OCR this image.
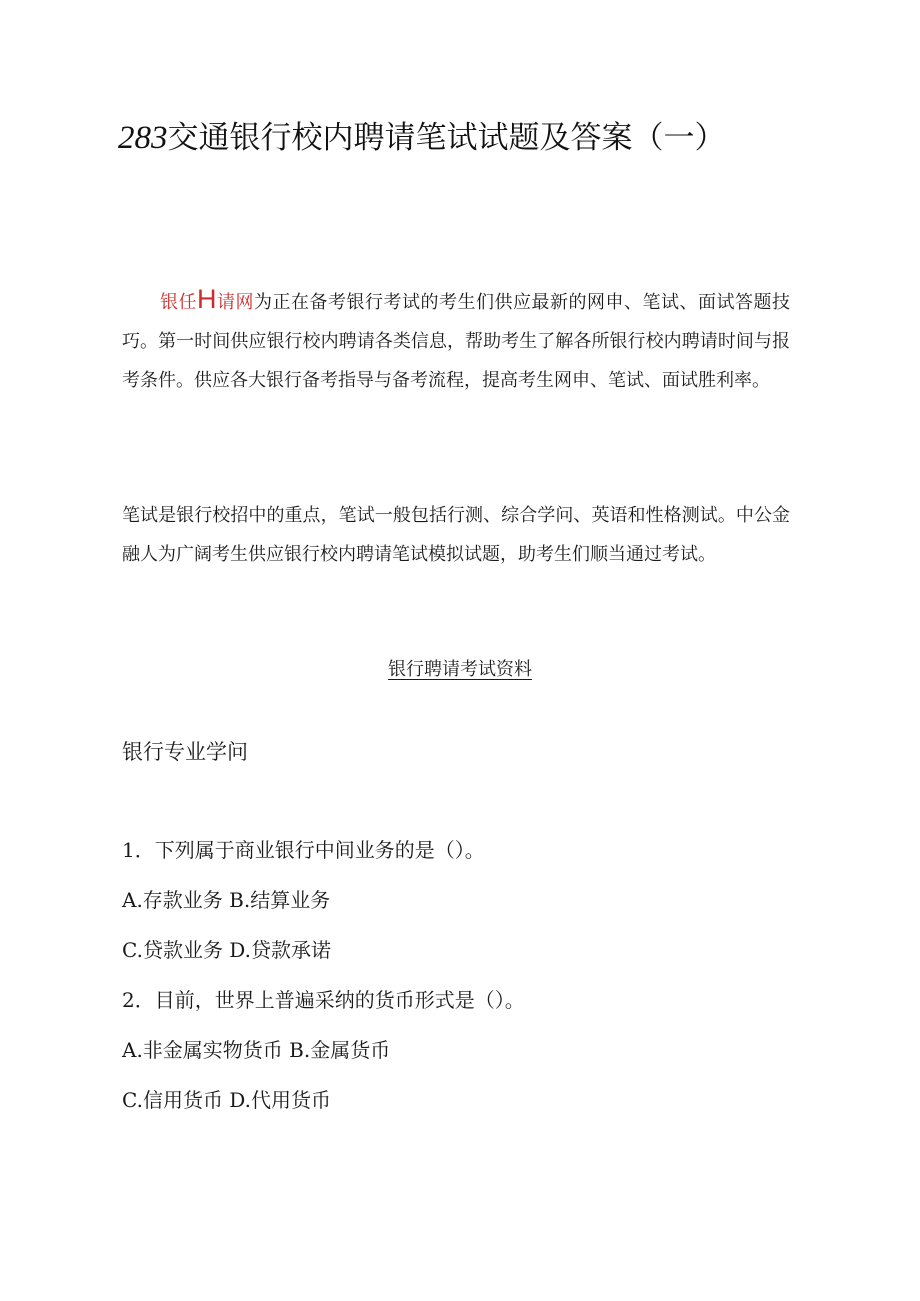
283交通银行校内聘请笔试试题及答案（一）

银任H请网为正在备考银行考试的考生们供应最新的网申、笔试、面试答题技巧。第一时间供应银行校内聘请各类信息，帮助考生了解各所银行校内聘请时间与报考条件。供应各大银行备考指导与备考流程，提高考生网申、笔试、面试胜利率。

笔试是银行校招中的重点，笔试一般包括行测、综合学问、英语和性格测试。中公金融人为广阔考生供应银行校内聘请笔试模拟试题，助考生们顺当通过考试。

银行聘请考试资料
银行专业学问
1．下列属于商业银行中间业务的是（）。
A.存款业务 B.结算业务
C.贷款业务 D.贷款承诺
2．目前，世界上普遍采纳的货币形式是（）。
A.非金属实物货币 B.金属货币
C.信用货币 D.代用货币
